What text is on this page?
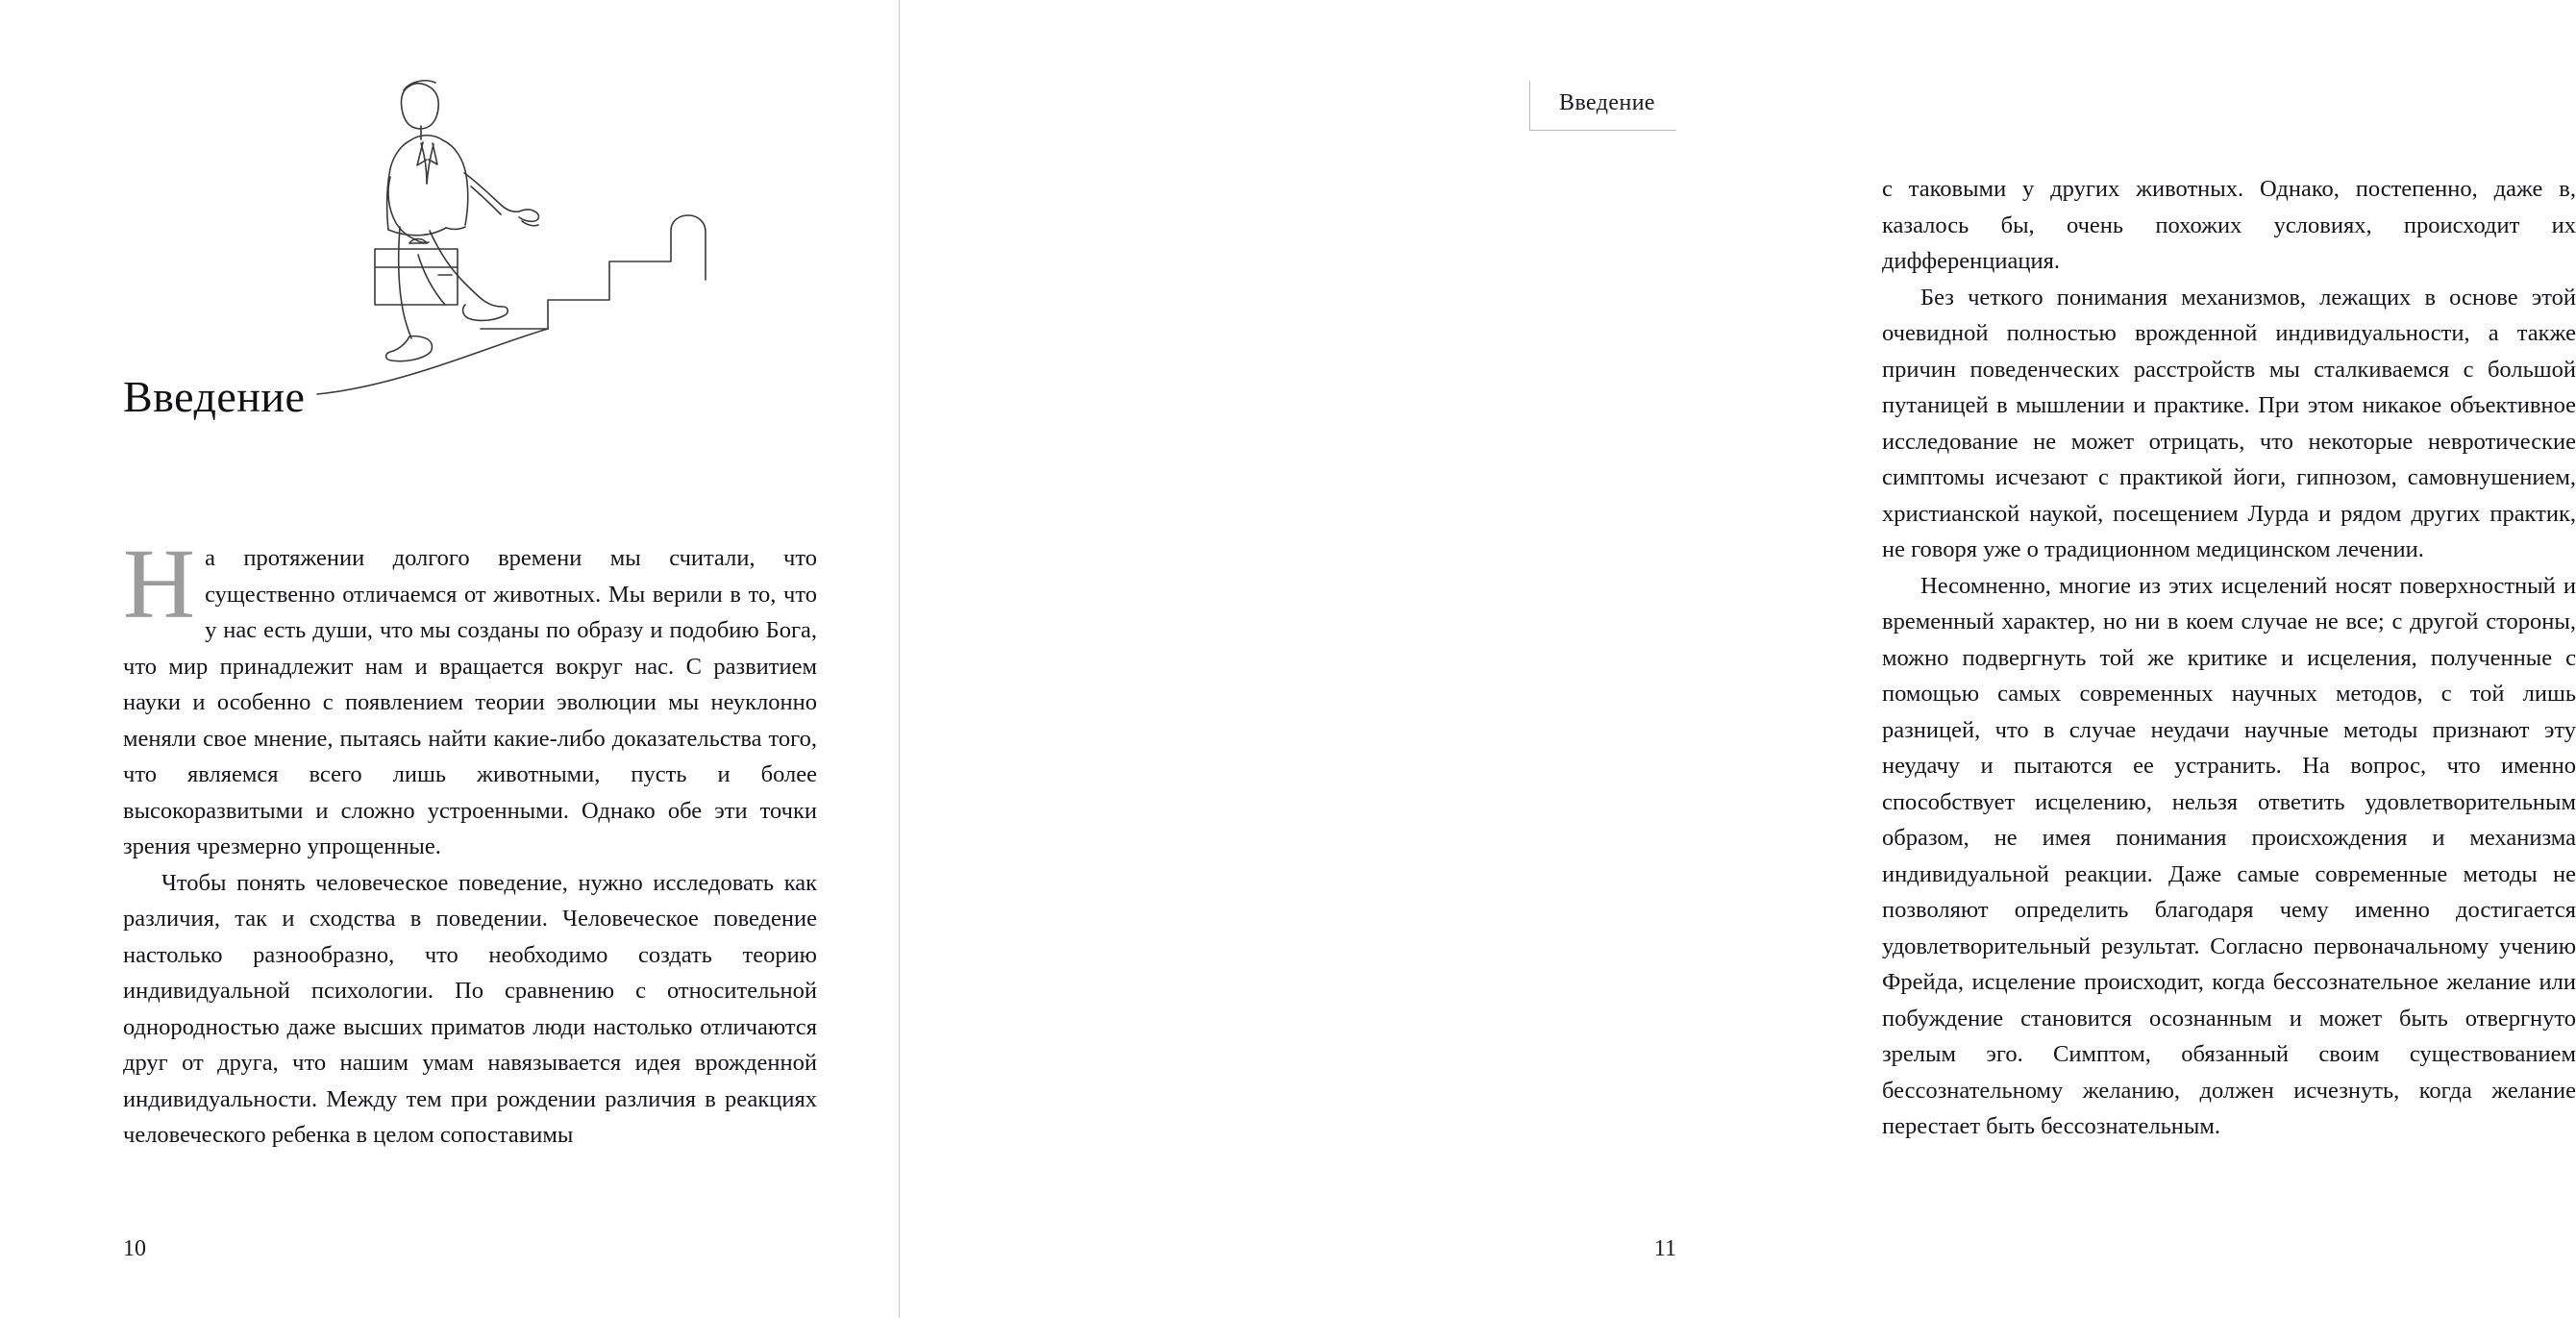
Введение

На протяжении долгого времени мы считали, что существенно отличаемся от животных. Мы верили в то, что у нас есть души, что мы созданы по образу и подобию Бога, что мир принадлежит нам и вращается вокруг нас. С развитием науки и особенно с появлением теории эволюции мы неуклонно меняли свое мнение, пытаясь найти какие-либо доказательства того, что являемся всего лишь животными, пусть и более высокоразвитыми и сложно устроенными. Однако обе эти точки зрения чрезмерно упрощенные.

Чтобы понять человеческое поведение, нужно исследовать как различия, так и сходства в поведении. Человеческое поведение настолько разнообразно, что необходимо создать теорию индивидуальной психологии. По сравнению с относительной однородностью даже высших приматов люди настолько отличаются друг от друга, что нашим умам навязывается идея врожденной индивидуальности. Между тем при рождении различия в реакциях человеческого ребенка в целом сопоставимы

10
Введение

с таковыми у других животных. Однако, постепенно, даже в, казалось бы, очень похожих условиях, происходит их дифференциация.

Без четкого понимания механизмов, лежащих в основе этой очевидной полностью врожденной индивидуальности, а также причин поведенческих расстройств мы сталкиваемся с большой путаницей в мышлении и практике. При этом никакое объективное исследование не может отрицать, что некоторые невротические симптомы исчезают с практикой йоги, гипнозом, самовнушением, христианской наукой, посещением Лурда и рядом других практик, не говоря уже о традиционном медицинском лечении.

Несомненно, многие из этих исцелений носят поверхностный и временный характер, но ни в коем случае не все; с другой стороны, можно подвергнуть той же критике и исцеления, полученные с помощью самых современных научных методов, с той лишь разницей, что в случае неудачи научные методы признают эту неудачу и пытаются ее устранить. На вопрос, что именно способствует исцелению, нельзя ответить удовлетворительным образом, не имея понимания происхождения и механизма индивидуальной реакции. Даже самые современные методы не позволяют определить благодаря чему именно достигается удовлетворительный результат. Согласно первоначальному учению Фрейда, исцеление происходит, когда бессознательное желание или побуждение становится осознанным и может быть отвергнуто зрелым эго. Симптом, обязанный своим существованием бессознательному желанию, должен исчезнуть, когда желание перестает быть бессознательным.

11
